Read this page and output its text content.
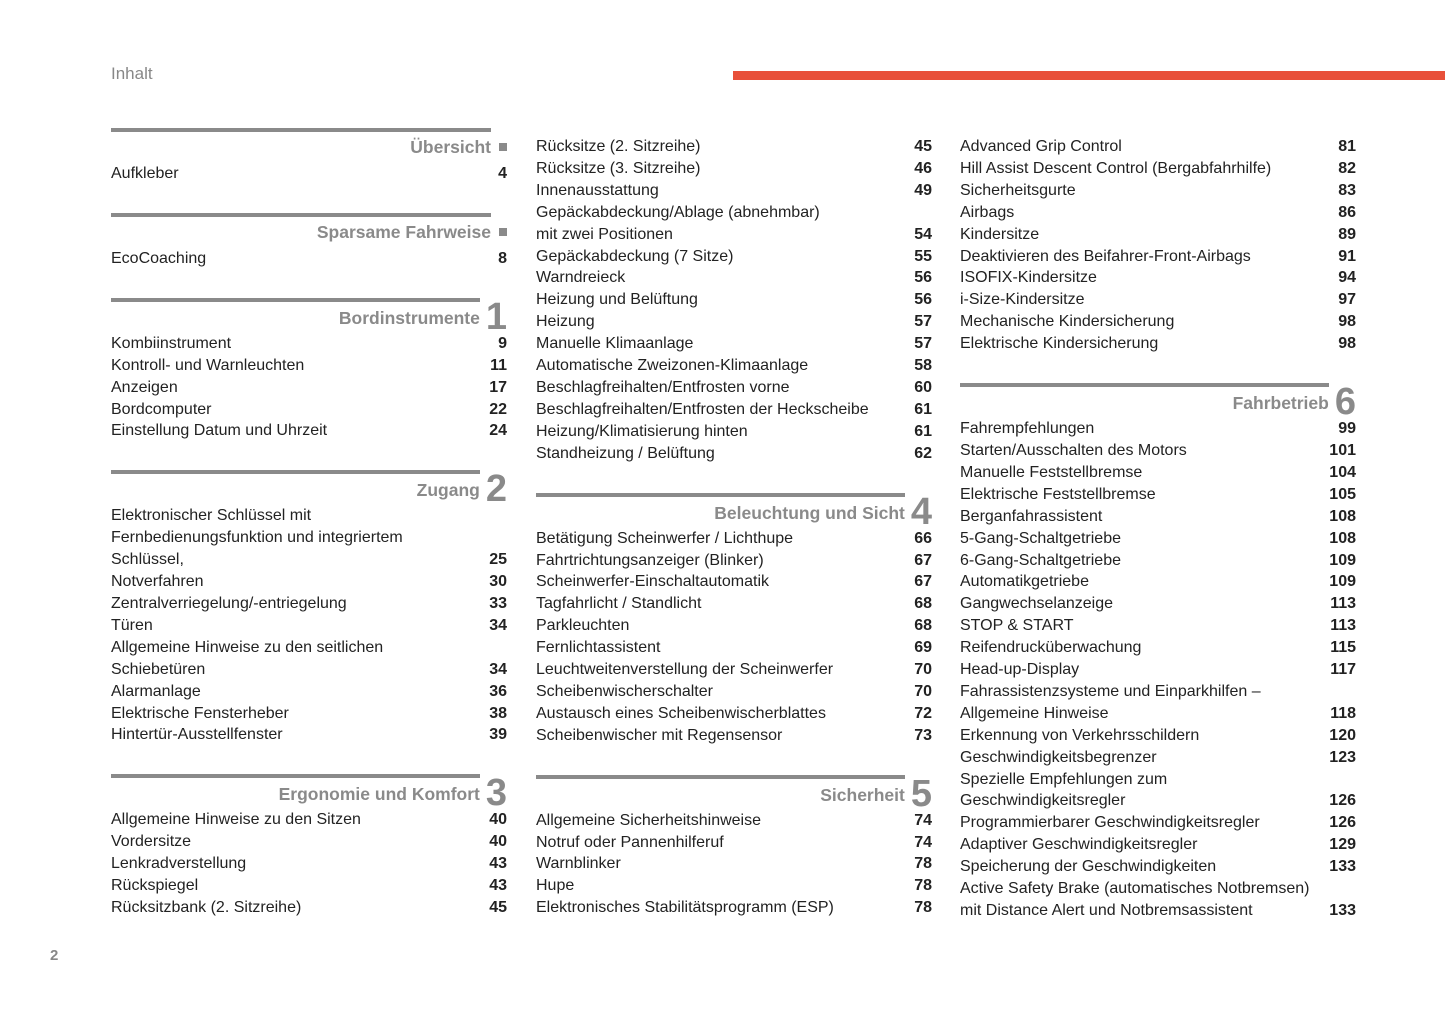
Inhalt
Übersicht
Aufkleber	4
Sparsame Fahrweise
EcoCoaching	8
Bordinstrumente 1
Kombiinstrument	9
Kontroll- und Warnleuchten	11
Anzeigen	17
Bordcomputer	22
Einstellung Datum und Uhrzeit	24
Zugang 2
Elektronischer Schlüssel mit
Fernbedienungsfunktion und integriertem
Schlüssel,	25
Notverfahren	30
Zentralverriegelung/-entriegelung	33
Türen	34
Allgemeine Hinweise zu den seitlichen
Schiebetüren	34
Alarmanlage	36
Elektrische Fensterheber	38
Hintertür-Ausstellfenster	39
Ergonomie und Komfort 3
Allgemeine Hinweise zu den Sitzen	40
Vordersitze	40
Lenkradverstellung	43
Rückspiegel	43
Rücksitzbank (2. Sitzreihe)	45
Rücksitze (2. Sitzreihe)	45
Rücksitze (3. Sitzreihe)	46
Innenausstattung	49
Gepäckabdeckung/Ablage (abnehmbar)
mit zwei Positionen	54
Gepäckabdeckung (7 Sitze)	55
Warndreieck	56
Heizung und Belüftung	56
Heizung	57
Manuelle Klimaanlage	57
Automatische Zweizonen-Klimaanlage	58
Beschlagfreihalten/Entfrosten vorne	60
Beschlagfreihalten/Entfrosten der Heckscheibe	61
Heizung/Klimatisierung hinten	61
Standheizung / Belüftung	62
Beleuchtung und Sicht 4
Betätigung Scheinwerfer / Lichthupe	66
Fahrtrichtungsanzeiger (Blinker)	67
Scheinwerfer-Einschaltautomatik	67
Tagfahrlicht / Standlicht	68
Parkleuchten	68
Fernlichtassistent	69
Leuchtweitenverstellung der Scheinwerfer	70
Scheibenwischerschalter	70
Austausch eines Scheibenwischerblattes	72
Scheibenwischer mit Regensensor	73
Sicherheit 5
Allgemeine Sicherheitshinweise	74
Notruf oder Pannenhilferuf	74
Warnblinker	78
Hupe	78
Elektronisches Stabilitätsprogramm (ESP)	78
Advanced Grip Control	81
Hill Assist Descent Control (Bergabfahrhilfe)	82
Sicherheitsgurte	83
Airbags	86
Kindersitze	89
Deaktivieren des Beifahrer-Front-Airbags	91
ISOFIX-Kindersitze	94
i-Size-Kindersitze	97
Mechanische Kindersicherung	98
Elektrische Kindersicherung	98
Fahrbetrieb 6
Fahrempfehlungen	99
Starten/Ausschalten des Motors	101
Manuelle Feststellbremse	104
Elektrische Feststellbremse	105
Berganfahrassistent	108
5-Gang-Schaltgetriebe	108
6-Gang-Schaltgetriebe	109
Automatikgetriebe	109
Gangwechselanzeige	113
STOP & START	113
Reifendrucküberwachung	115
Head-up-Display	117
Fahrassistenzsysteme und Einparkhilfen –
Allgemeine Hinweise	118
Erkennung von Verkehrsschildern	120
Geschwindigkeitsbegrenzer	123
Spezielle Empfehlungen zum
Geschwindigkeitsregler	126
Programmierbarer Geschwindigkeitsregler	126
Adaptiver Geschwindigkeitsregler	129
Speicherung der Geschwindigkeiten	133
Active Safety Brake (automatisches Notbremsen)
mit Distance Alert und Notbremsassistent	133
2
